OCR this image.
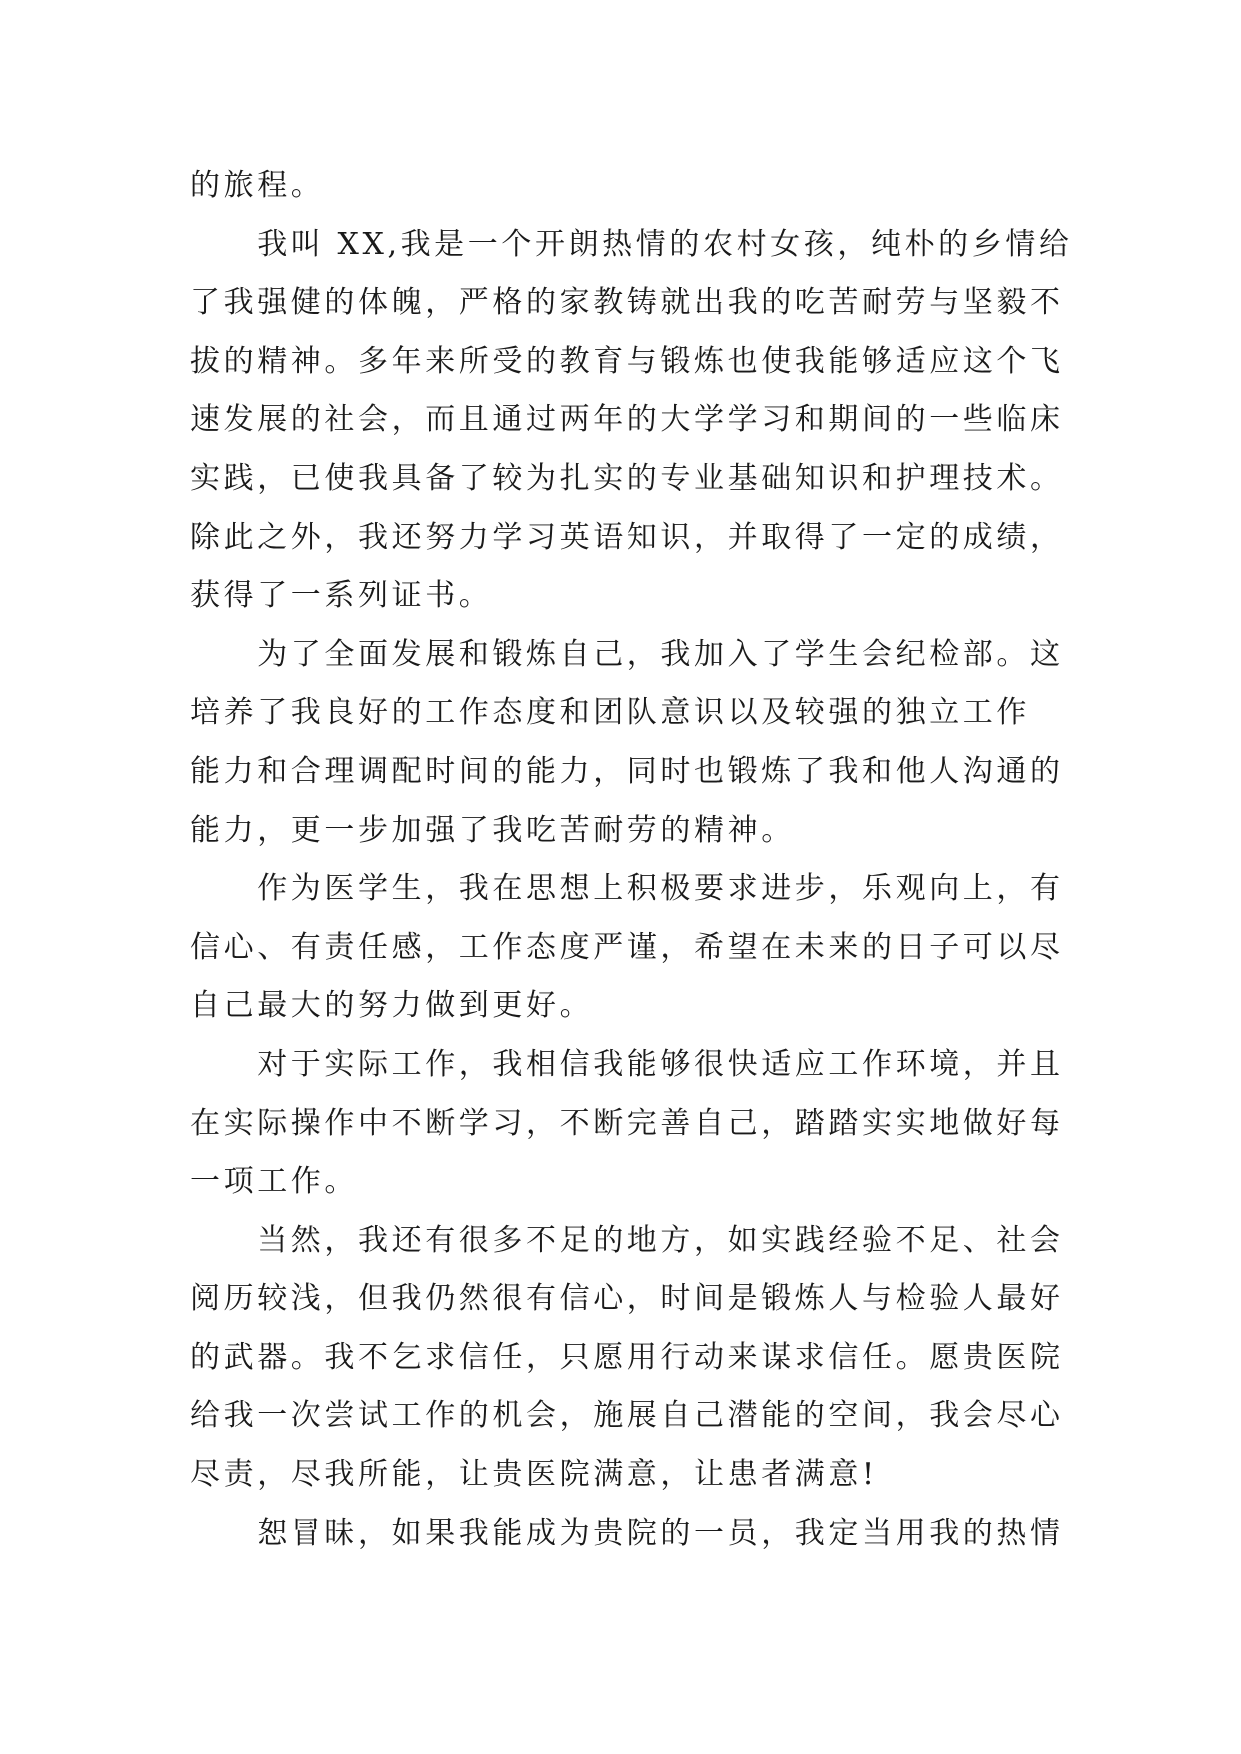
的旅程。
　　我叫 XX,我是一个开朗热情的农村女孩，纯朴的乡情给
了我强健的体魄，严格的家教铸就出我的吃苦耐劳与坚毅不
拔的精神。多年来所受的教育与锻炼也使我能够适应这个飞
速发展的社会，而且通过两年的大学学习和期间的一些临床
实践，已使我具备了较为扎实的专业基础知识和护理技术。
除此之外，我还努力学习英语知识，并取得了一定的成绩，
获得了一系列证书。
　　为了全面发展和锻炼自己，我加入了学生会纪检部。这
培养了我良好的工作态度和团队意识以及较强的独立工作
能力和合理调配时间的能力，同时也锻炼了我和他人沟通的
能力，更一步加强了我吃苦耐劳的精神。
　　作为医学生，我在思想上积极要求进步，乐观向上，有
信心、有责任感，工作态度严谨，希望在未来的日子可以尽
自己最大的努力做到更好。
　　对于实际工作，我相信我能够很快适应工作环境，并且
在实际操作中不断学习，不断完善自己，踏踏实实地做好每
一项工作。
　　当然，我还有很多不足的地方，如实践经验不足、社会
阅历较浅，但我仍然很有信心，时间是锻炼人与检验人最好
的武器。我不乞求信任，只愿用行动来谋求信任。愿贵医院
给我一次尝试工作的机会，施展自己潜能的空间，我会尽心
尽责，尽我所能，让贵医院满意，让患者满意!
　　恕冒昧，如果我能成为贵院的一员，我定当用我的热情
